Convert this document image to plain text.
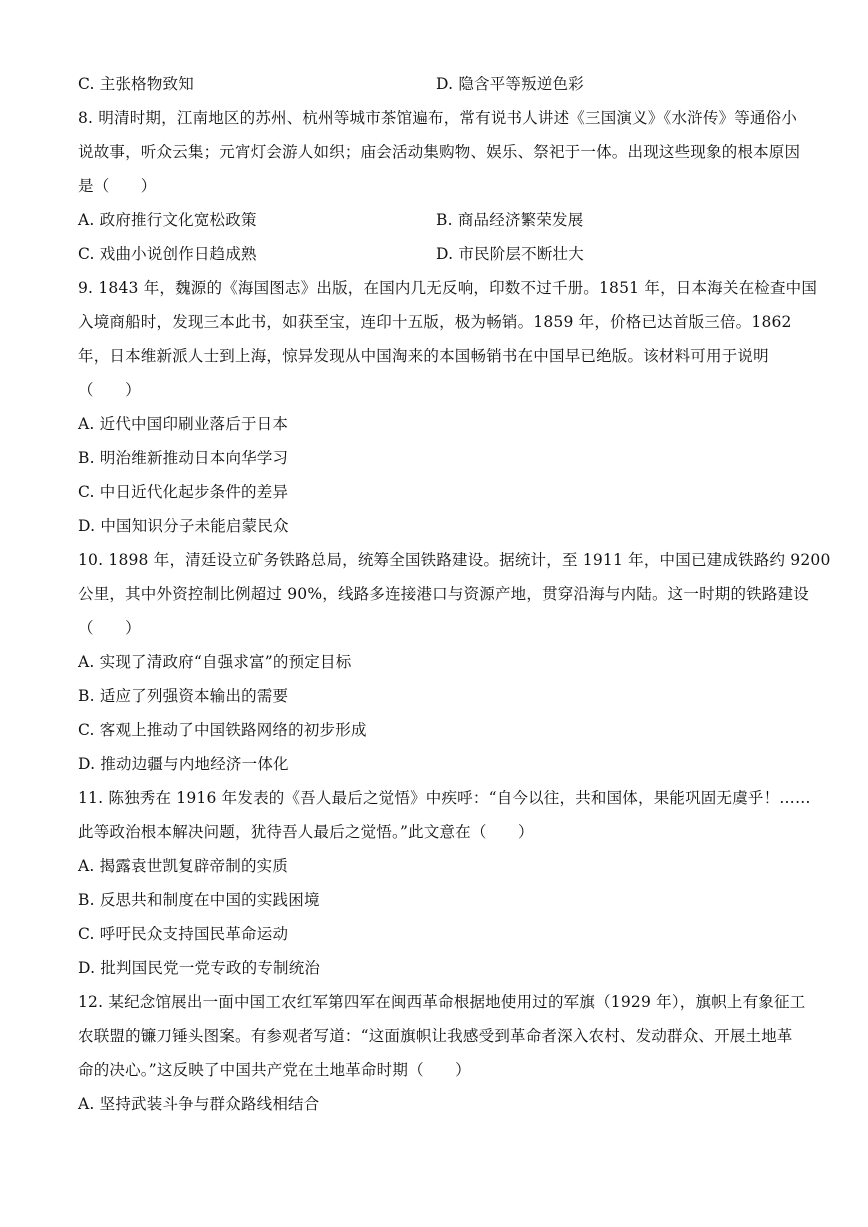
C. 主张格物致知	D. 隐含平等叛逆色彩
8. 明清时期，江南地区的苏州、杭州等城市茶馆遍布，常有说书人讲述《三国演义》《水浒传》等通俗小
说故事，听众云集；元宵灯会游人如织；庙会活动集购物、娱乐、祭祀于一体。出现这些现象的根本原因
是（　　）
A. 政府推行文化宽松政策	B. 商品经济繁荣发展
C. 戏曲小说创作日趋成熟	D. 市民阶层不断壮大
9. 1843 年，魏源的《海国图志》出版，在国内几无反响，印数不过千册。1851 年，日本海关在检查中国
入境商船时，发现三本此书，如获至宝，连印十五版，极为畅销。1859 年，价格已达首版三倍。1862
年，日本维新派人士到上海，惊异发现从中国淘来的本国畅销书在中国早已绝版。该材料可用于说明
（　　）
A. 近代中国印刷业落后于日本
B. 明治维新推动日本向华学习
C. 中日近代化起步条件的差异
D. 中国知识分子未能启蒙民众
10. 1898 年，清廷设立矿务铁路总局，统筹全国铁路建设。据统计，至 1911 年，中国已建成铁路约 9200
公里，其中外资控制比例超过 90%，线路多连接港口与资源产地，贯穿沿海与内陆。这一时期的铁路建设
（　　）
A. 实现了清政府“自强求富”的预定目标
B. 适应了列强资本输出的需要
C. 客观上推动了中国铁路网络的初步形成
D. 推动边疆与内地经济一体化
11. 陈独秀在 1916 年发表的《吾人最后之觉悟》中疾呼：“自今以往，共和国体，果能巩固无虞乎！……
此等政治根本解决问题，犹待吾人最后之觉悟。”此文意在（　　）
A. 揭露袁世凯复辟帝制的实质
B. 反思共和制度在中国的实践困境
C. 呼吁民众支持国民革命运动
D. 批判国民党一党专政的专制统治
12. 某纪念馆展出一面中国工农红军第四军在闽西革命根据地使用过的军旗（1929 年），旗帜上有象征工
农联盟的镰刀锤头图案。有参观者写道：“这面旗帜让我感受到革命者深入农村、发动群众、开展土地革
命的决心。”这反映了中国共产党在土地革命时期（　　）
A. 坚持武装斗争与群众路线相结合
